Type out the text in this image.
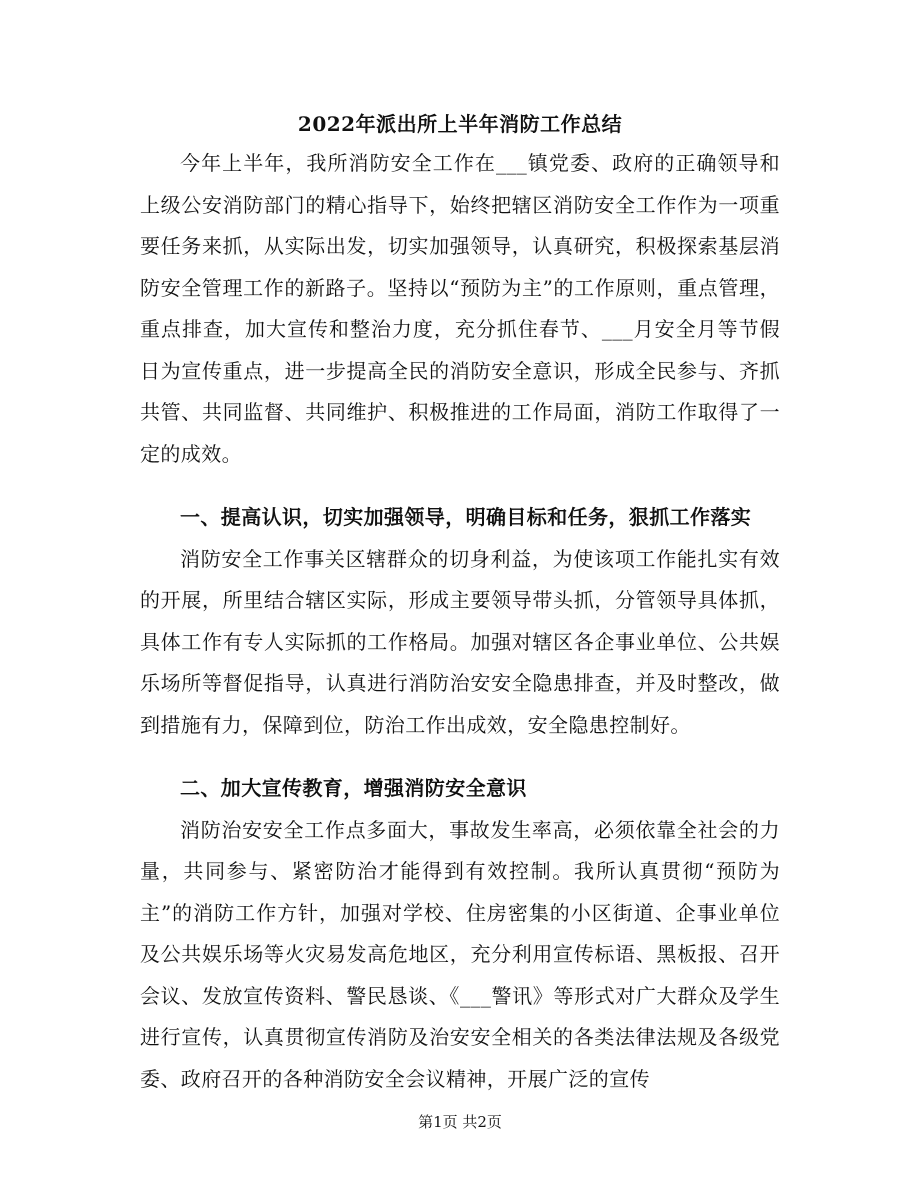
2022年派出所上半年消防工作总结

今年上半年，我所消防安全工作在___镇党委、政府的正确领导和上级公安消防部门的精心指导下，始终把辖区消防安全工作作为一项重要任务来抓，从实际出发，切实加强领导，认真研究，积极探索基层消防安全管理工作的新路子。坚持以“预防为主”的工作原则，重点管理，重点排查，加大宣传和整治力度，充分抓住春节、___月安全月等节假日为宣传重点，进一步提高全民的消防安全意识，形成全民参与、齐抓共管、共同监督、共同维护、积极推进的工作局面，消防工作取得了一定的成效。

一、提高认识，切实加强领导，明确目标和任务，狠抓工作落实

消防安全工作事关区辖群众的切身利益，为使该项工作能扎实有效的开展，所里结合辖区实际，形成主要领导带头抓，分管领导具体抓，具体工作有专人实际抓的工作格局。加强对辖区各企事业单位、公共娱乐场所等督促指导，认真进行消防治安安全隐患排查，并及时整改，做到措施有力，保障到位，防治工作出成效，安全隐患控制好。

二、加大宣传教育，增强消防安全意识

消防治安安全工作点多面大，事故发生率高，必须依靠全社会的力量，共同参与、紧密防治才能得到有效控制。我所认真贯彻“预防为主”的消防工作方针，加强对学校、住房密集的小区街道、企事业单位及公共娱乐场等火灾易发高危地区，充分利用宣传标语、黑板报、召开会议、发放宣传资料、警民恳谈、《___警讯》等形式对广大群众及学生进行宣传，认真贯彻宣传消防及治安安全相关的各类法律法规及各级党委、政府召开的各种消防安全会议精神，开展广泛的宣传

第1页 共2页
